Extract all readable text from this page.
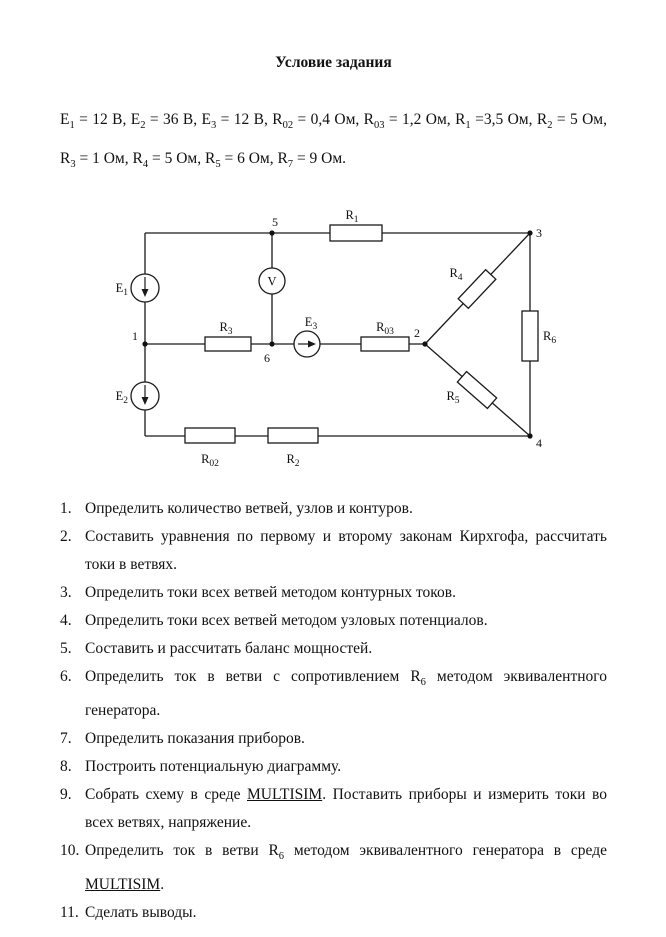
Условие задания

$E_1 = 12$ В, $E_2 = 36$ В, $E_3 = 12$ В, $R_{02} = 0,4$ Ом, $R_{03} = 1,2$ Ом, $R_1 =3,5$ Ом, $R_2 = 5$ Ом, $R_3 = 1$ Ом, $R_4 = 5$ Ом, $R_5 = 6$ Ом, $R_7 = 9$ Ом.

5	$R_1$
3
$E_1$
V
1
$R_3$
6
$E_3$	$R_{03}$ 2
$R_4$
$R_6$
$R_5$
$E_2$
4
$R_{02}$	$R_2$
1. Определить количество ветвей, узлов и контуров.
2. Составить уравнения по первому и второму законам Кирхгофа, рассчитать токи в ветвях.
3. Определить токи всех ветвей методом контурных токов.
4. Определить токи всех ветвей методом узловых потенциалов.
5. Составить и рассчитать баланс мощностей.
6. Определить ток в ветви с сопротивлением $R_6$ методом эквивалентного генератора.
7. Определить показания приборов.
8. Построить потенциальную диаграмму.
9. Собрать схему в среде MULTISIM. Поставить приборы и измерить токи во всех ветвях, напряжение.
10. Определить ток в ветви $R_6$ методом эквивалентного генератора в среде MULTISIM.
11. Сделать выводы.
